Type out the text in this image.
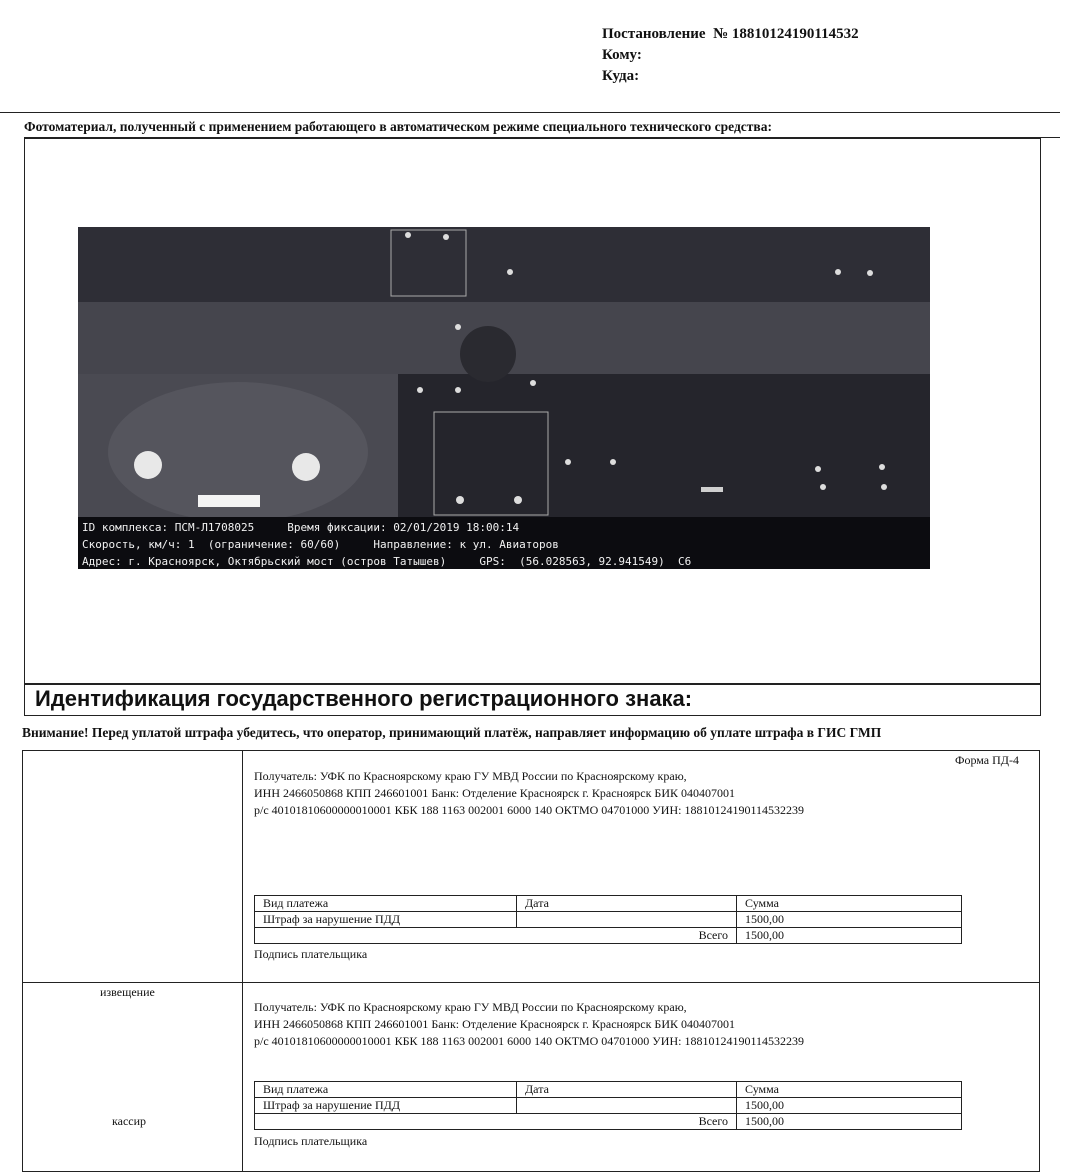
Постановление № 18810124190114532
Кому:
Куда:
Фотоматериал, полученный с применением работающего в автоматическом режиме специального технического средства:
ID комплекса: ПСМ-Л1708025     Время фиксации: 02/01/2019 18:00:14
Скорость, км/ч: 1  (ограничение: 60/60)     Направление: к ул. Авиаторов
Адрес: г. Красноярск, Октябрьский мост (остров Татышев)     GPS:  (56.028563, 92.941549)  С6
Идентификация государственного регистрационного знака:
Внимание! Перед уплатой штрафа убедитесь, что оператор, принимающий платёж, направляет информацию об уплате штрафа в ГИС ГМП
Форма ПД-4
извещение
кассир
Получатель: УФК по Красноярскому краю ГУ МВД России по Красноярскому краю,
ИНН 2466050868 КПП 246601001 Банк: Отделение Красноярск г. Красноярск БИК 040407001
р/с 40101810600000010001 КБК 188 1163 002001 6000 140 ОКТМО 04701000 УИН: 18810124190114532239
Вид платежа	Дата	Сумма
Штраф за нарушение ПДД		1500,00
Всего		1500,00
Подпись плательщика
Получатель: УФК по Красноярскому краю ГУ МВД России по Красноярскому краю,
ИНН 2466050868 КПП 246601001 Банк: Отделение Красноярск г. Красноярск БИК 040407001
р/с 40101810600000010001 КБК 188 1163 002001 6000 140 ОКТМО 04701000 УИН: 18810124190114532239
Вид платежа	Дата	Сумма
Штраф за нарушение ПДД		1500,00
Всего		1500,00
Подпись плательщика
